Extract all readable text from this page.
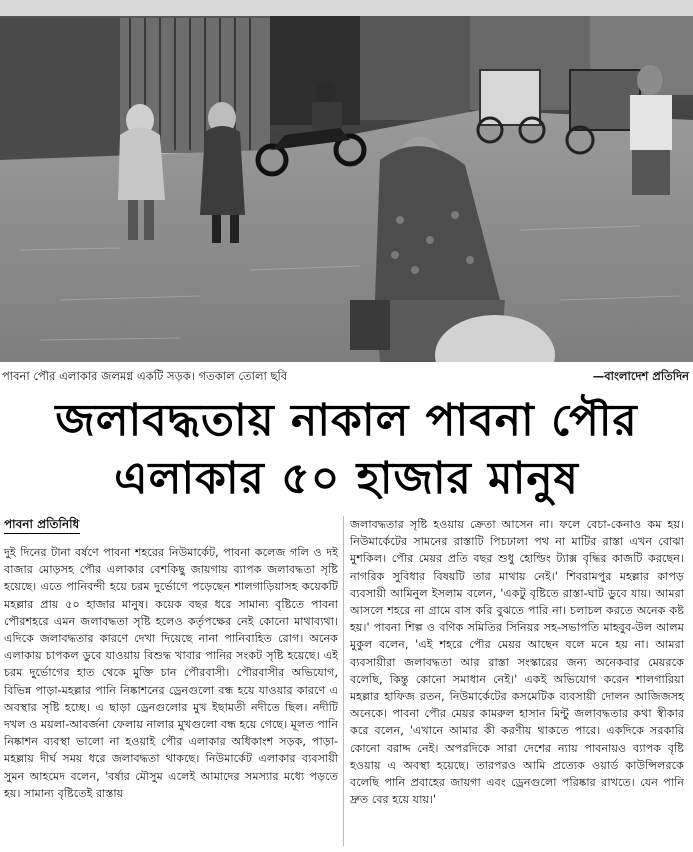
পাবনা পৌর এলাকার জলমগ্ন একটি সড়ক। গতকাল তোলা ছবি	—বাংলাদেশ প্রতিদিন
জলাবদ্ধতায় নাকাল পাবনা পৌর
এলাকার ৫০ হাজার মানুষ
পাবনা প্রতিনিধি

দুই দিনের টানা বর্ষণে পাবনা শহরের নিউমার্কেট, পাবনা কলেজ গলি ও দই বাজার মোড়সহ পৌর এলাকার বেশকিছু জায়গায় ব্যাপক জলাবদ্ধতা সৃষ্টি হয়েছে। এতে পানিবন্দী হয়ে চরম দুর্ভোগে পড়েছেন শালগাড়িয়াসহ কয়েকটি মহল্লার প্রায় ৫০ হাজার মানুষ। কয়েক বছর ধরে সামান্য বৃষ্টিতে পাবনা পৌরশহরে এমন জলাবদ্ধতা সৃষ্টি হলেও কর্তৃপক্ষের নেই কোনো মাথাব্যথা। এদিকে জলাবদ্ধতার কারণে দেখা দিয়েছে নানা পানিবাহিত রোগ। অনেক এলাকায় চাপকল ডুবে যাওয়ায় বিশুদ্ধ খাবার পানির সংকট সৃষ্টি হয়েছে। এই চরম দুর্ভোগের হাত থেকে মুক্তি চান পৌরবাসী। পৌরবাসীর অভিযোগ, বিভিন্ন পাড়া-মহল্লার পানি নিষ্কাশনের ড্রেনগুলো বন্ধ হয়ে যাওয়ার কারণে এ অবস্থার সৃষ্টি হচ্ছে। এ ছাড়া ড্রেনগুলোর মুখ ইছামতী নদীতে ছিল। নদীটি দখল ও ময়লা-আবর্জনা ফেলায় নালার মুখগুলো বন্ধ হয়ে গেছে। মূলত পানি নিষ্কাশন ব্যবস্থা ভালো না হওয়াই পৌর এলাকার অধিকাংশ সড়ক, পাড়া-মহল্লায় দীর্ঘ সময় ধরে জলাবদ্ধতা থাকছে। নিউমার্কেট এলাকার ব্যবসায়ী সুমন আহমেদ বলেন, 'বর্ষার মৌসুম এলেই আমাদের সমস্যার মধ্যে পড়তে হয়। সামান্য বৃষ্টিতেই রাস্তায়

জলাবদ্ধতার সৃষ্টি হওয়ায় ক্রেতা আসেন না। ফলে বেচা-কেনাও কম হয়। নিউমার্কেটের সামনের রাস্তাটি পিচঢালা পথ না মাটির রাস্তা এখন বোঝা মুশকিল। পৌর মেয়র প্রতি বছর শুধু হোল্ডিং ট্যাক্স বৃদ্ধির কাজটি করছেন। নাগরিক সুবিধার বিষয়টি তার মাথায় নেই।' শিবরামপুর মহল্লার কাপড় ব্যবসায়ী আমিনুল ইসলাম বলেন, 'একটু বৃষ্টিতে রাস্তা-ঘাট ডুবে যায়। আমরা আসলে শহরে না গ্রামে বাস করি বুঝতে পারি না। চলাচল করতে অনেক কষ্ট হয়।' পাবনা শিল্প ও বণিক সমিতির সিনিয়র সহ-সভাপতি মাহবুব-উল আলম মুকুল বলেন, 'এই শহরে পৌর মেয়র আছেন বলে মনে হয় না। আমরা ব্যবসায়ীরা জলাবদ্ধতা আর রাস্তা সংস্কারের জন্য অনেকবার মেয়রকে বলেছি, কিন্তু কোনো সমাধান নেই।' একই অভিযোগ করেন শালগারিয়া মহল্লার হাফিজ রতন, নিউমার্কেটের কসমেটিক ব্যবসায়ী দোলন আজিজসহ অনেকে। পাবনা পৌর মেয়র কামরুল হাসান মিন্টু জলাবদ্ধতার কথা স্বীকার করে বলেন, 'এখানে আমার কী করণীয় থাকতে পারে। একদিকে সরকারি কোনো বরাদ্দ নেই। অপরদিকে সারা দেশের ন্যায় পাবনায়ও ব্যাপক বৃষ্টি হওয়ায় এ অবস্থা হয়েছে। তারপরও আমি প্রত্যেক ওয়ার্ড কাউন্সিলরকে বলেছি পানি প্রবাহের জায়গা এবং ড্রেনগুলো পরিষ্কার রাখতে। যেন পানি দ্রুত বের হয়ে যায়।'
